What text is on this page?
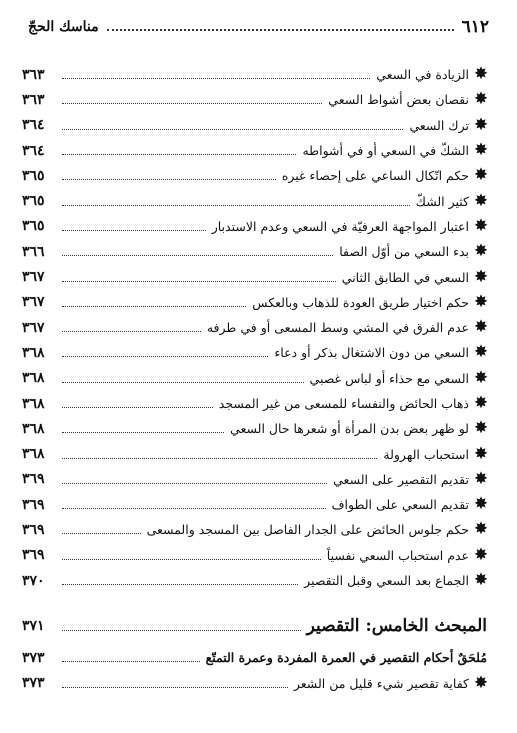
٦١٢
مناسك الحجّ
✸
الزيادة في السعي
٣٦٣
✸
نقصان بعض أشواط السعي
٣٦٣
✸
ترك السعي
٣٦٤
✸
الشكّ في السعي أو في أشواطه
٣٦٤
✸
حكم اتّكال الساعي على إحصاء غيره
٣٦٥
✸
كثير الشكّ
٣٦٥
✸
اعتبار المواجهة العرفيّة في السعي وعدم الاستدبار
٣٦٥
✸
بدء السعي من أوّل الصفا
٣٦٦
✸
السعي في الطابق الثاني
٣٦٧
✸
حكم اختيار طريق العودة للذهاب وبالعكس
٣٦٧
✸
عدم الفرق في المشي وسط المسعى أو في طرفه
٣٦٧
✸
السعي من دون الاشتغال بذكر أو دعاء
٣٦٨
✸
السعي مع حذاء أو لباس غصبي
٣٦٨
✸
ذهاب الحائض والنفساء للمسعى من غير المسجد
٣٦٨
✸
لو ظهر بعض بدن المرأة أو شعرها حال السعي
٣٦٨
✸
استحباب الهرولة
٣٦٨
✸
تقديم التقصير على السعي
٣٦٩
✸
تقديم السعي على الطواف
٣٦٩
✸
حكم جلوس الحائض على الجدار الفاصل بين المسجد والمسعى
٣٦٩
✸
عدم استحباب السعي نفسياً
٣٦٩
✸
الجماع بعد السعي وقبل التقصير
٣٧٠
المبحث الخامس: التقصير
٣٧١
مُلحَقٌ أحكام التقصير في العمرة المفردة وعمرة التمتّع
٣٧٣
✸
كفاية تقصير شيء قليل من الشعر
٣٧٣
